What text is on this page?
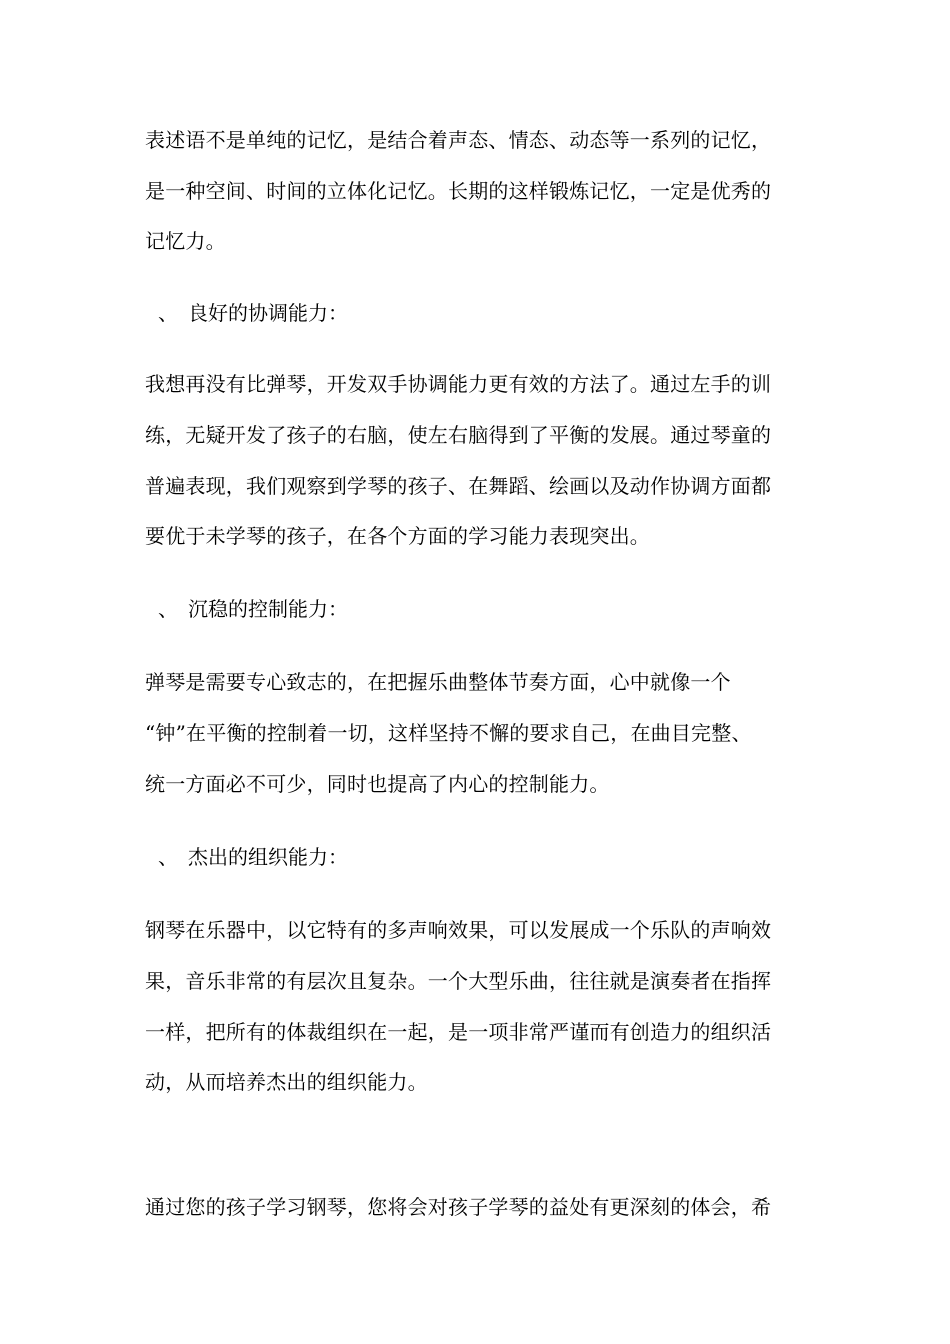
表述语不是单纯的记忆，是结合着声态、情态、动态等一系列的记忆，
是一种空间、时间的立体化记忆。长期的这样锻炼记忆，一定是优秀的
记忆力。
、 良好的协调能力：
我想再没有比弹琴，开发双手协调能力更有效的方法了。通过左手的训
练，无疑开发了孩子的右脑，使左右脑得到了平衡的发展。通过琴童的
普遍表现，我们观察到学琴的孩子、在舞蹈、绘画以及动作协调方面都
要优于未学琴的孩子，在各个方面的学习能力表现突出。
、 沉稳的控制能力：
弹琴是需要专心致志的，在把握乐曲整体节奏方面，心中就像一个
“钟”在平衡的控制着一切，这样坚持不懈的要求自己，在曲目完整、
统一方面必不可少，同时也提高了内心的控制能力。
、 杰出的组织能力：
钢琴在乐器中，以它特有的多声响效果，可以发展成一个乐队的声响效
果，音乐非常的有层次且复杂。一个大型乐曲，往往就是演奏者在指挥
一样，把所有的体裁组织在一起，是一项非常严谨而有创造力的组织活
动，从而培养杰出的组织能力。
通过您的孩子学习钢琴，您将会对孩子学琴的益处有更深刻的体会，希
